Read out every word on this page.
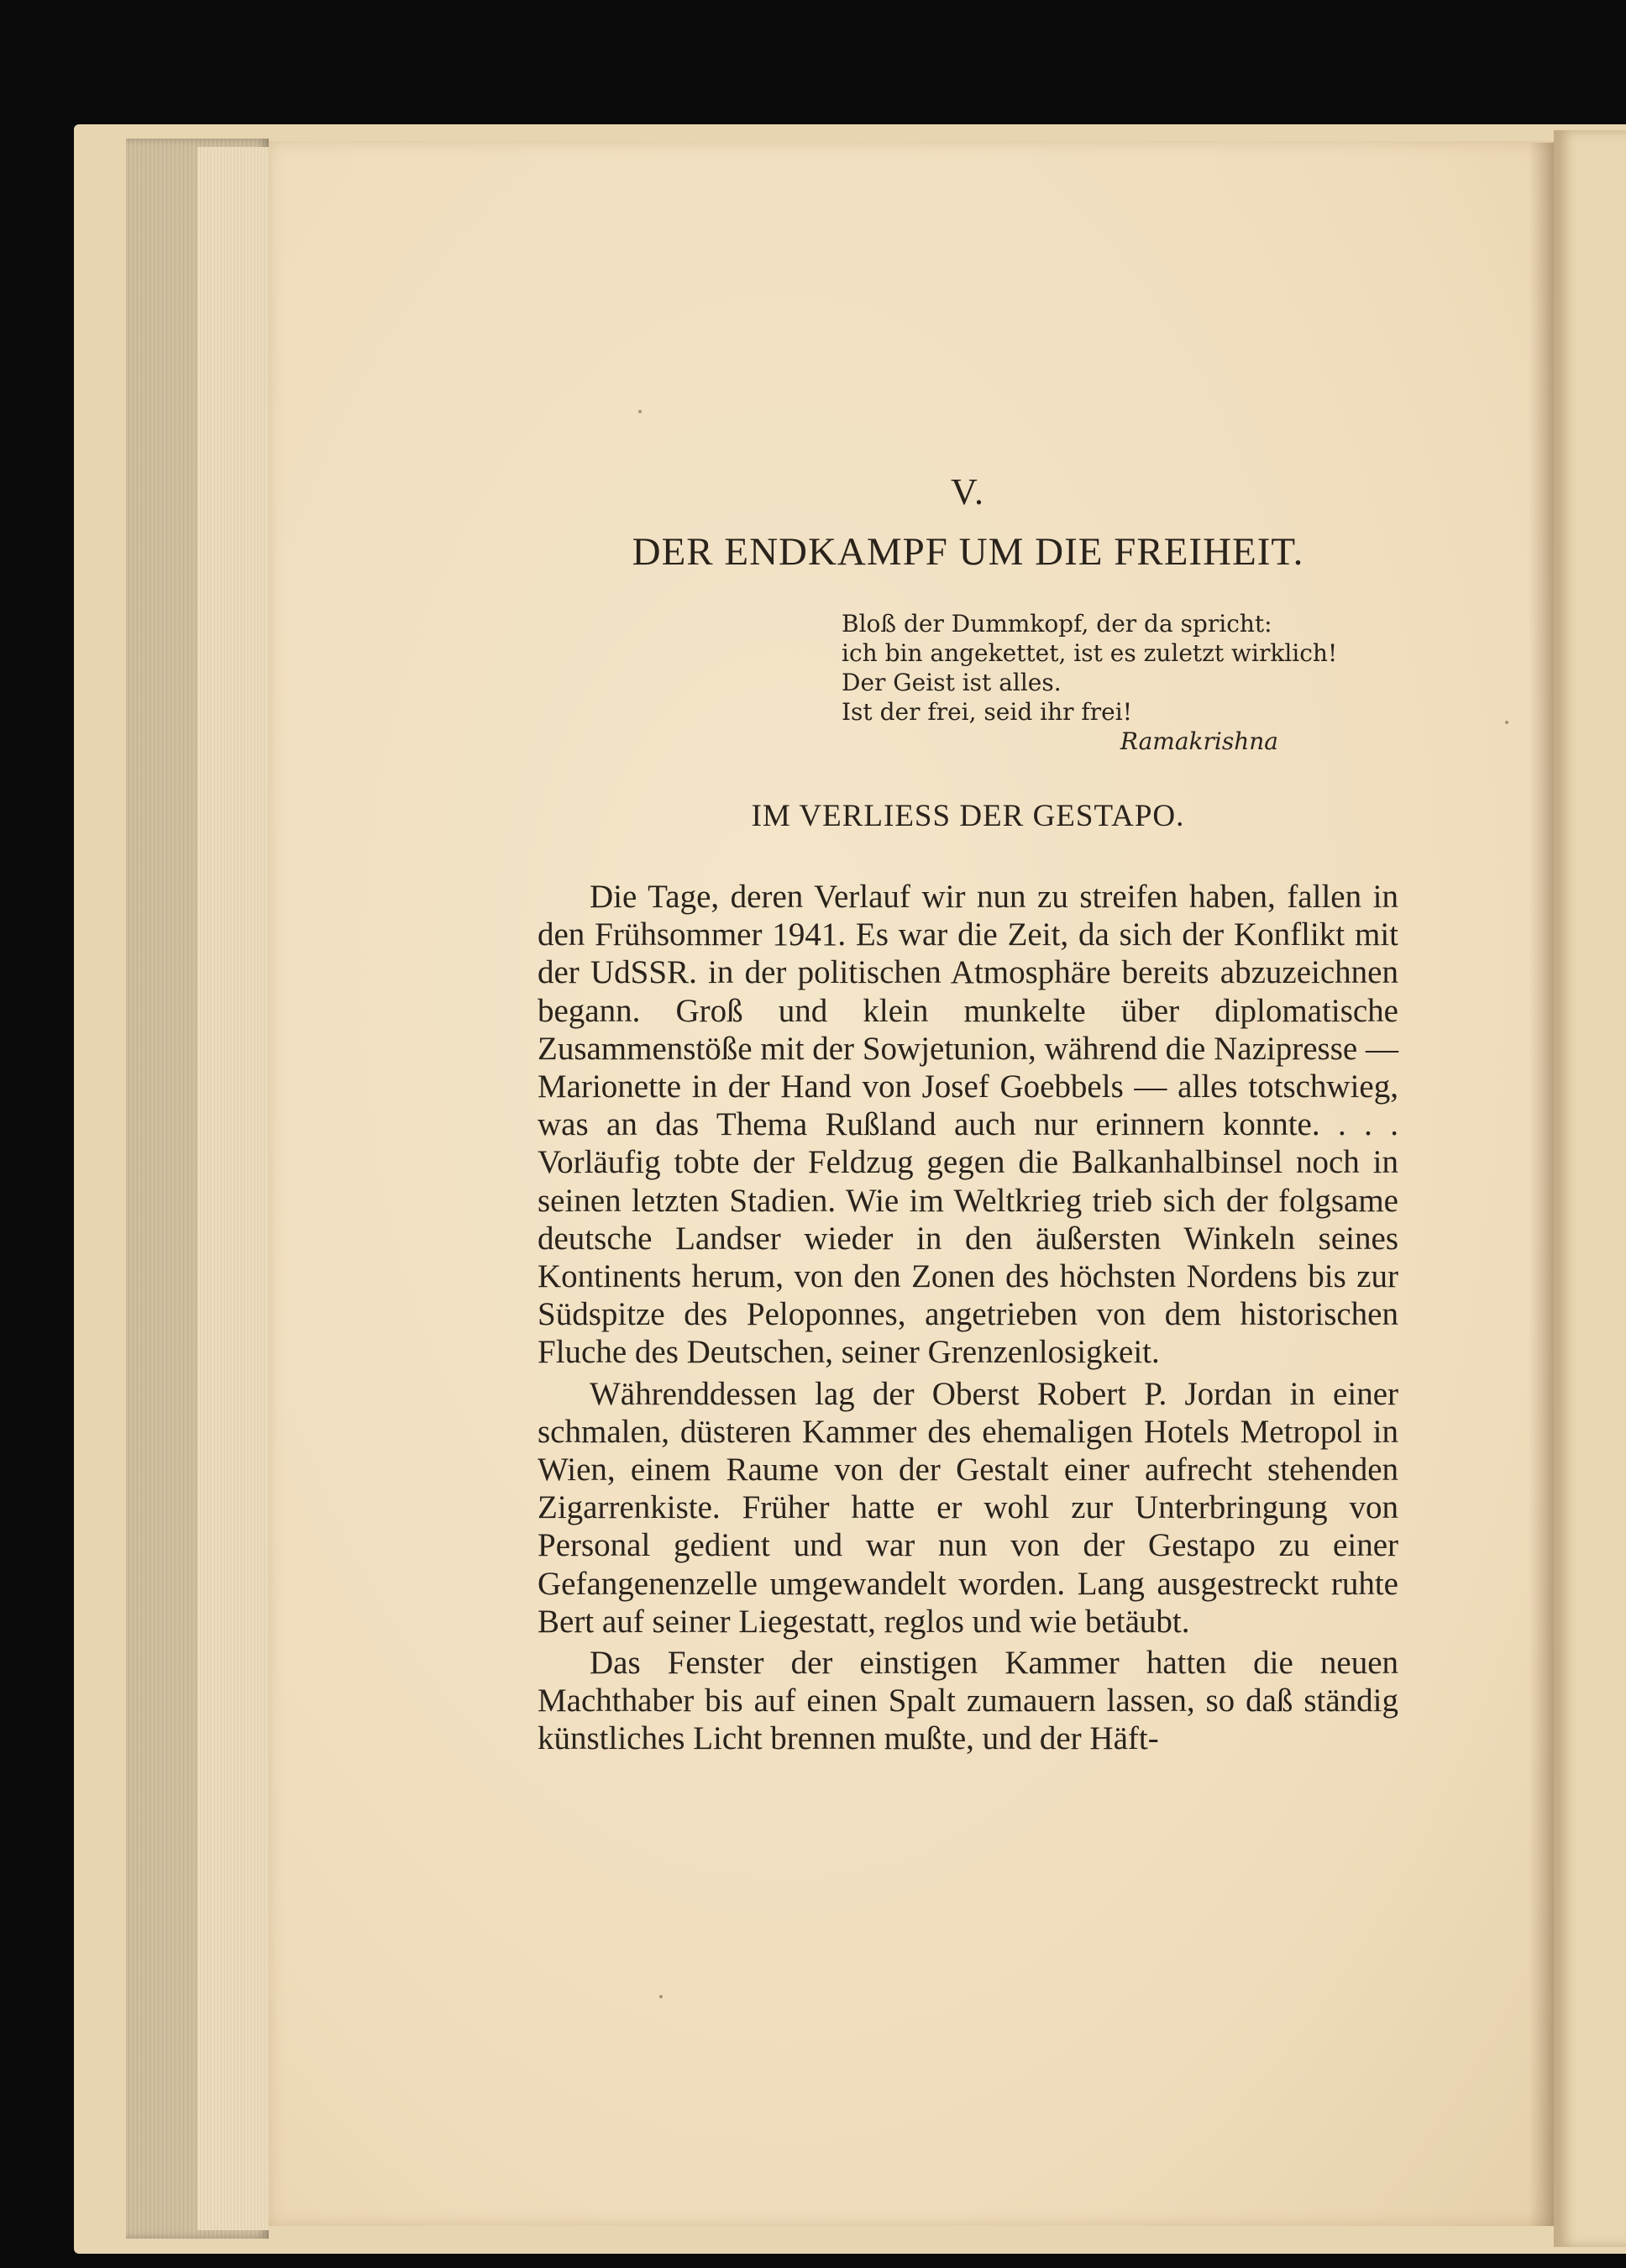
V.
DER ENDKAMPF UM DIE FREIHEIT.
Bloß der Dummkopf, der da spricht:
ich bin angekettet, ist es zuletzt wirklich!
Der Geist ist alles.
Ist der frei, seid ihr frei!
Ramakrishna
IM VERLIESS DER GESTAPO.

Die Tage, deren Verlauf wir nun zu streifen haben, fallen in den Frühsommer 1941. Es war die Zeit, da sich der Konflikt mit der UdSSR. in der politischen Atmosphäre bereits abzuzeichnen begann. Groß und klein munkelte über diplomatische Zusammenstöße mit der Sowjetunion, während die Nazipresse — Marionette in der Hand von Josef Goebbels — alles totschwieg, was an das Thema Rußland auch nur erinnern konnte. . . . Vorläufig tobte der Feldzug gegen die Balkanhalbinsel noch in seinen letzten Stadien. Wie im Weltkrieg trieb sich der folgsame deutsche Landser wieder in den äußersten Winkeln seines Kontinents herum, von den Zonen des höchsten Nordens bis zur Südspitze des Peloponnes, angetrieben von dem historischen Fluche des Deutschen, seiner Grenzenlosigkeit.

Währenddessen lag der Oberst Robert P. Jordan in einer schmalen, düsteren Kammer des ehemaligen Hotels Metropol in Wien, einem Raume von der Gestalt einer aufrecht stehenden Zigarrenkiste. Früher hatte er wohl zur Unterbringung von Personal gedient und war nun von der Gestapo zu einer Gefangenenzelle umgewandelt worden. Lang ausgestreckt ruhte Bert auf seiner Liegestatt, reglos und wie betäubt.

Das Fenster der einstigen Kammer hatten die neuen Machthaber bis auf einen Spalt zumauern lassen, so daß ständig künstliches Licht brennen mußte, und der Häft-
